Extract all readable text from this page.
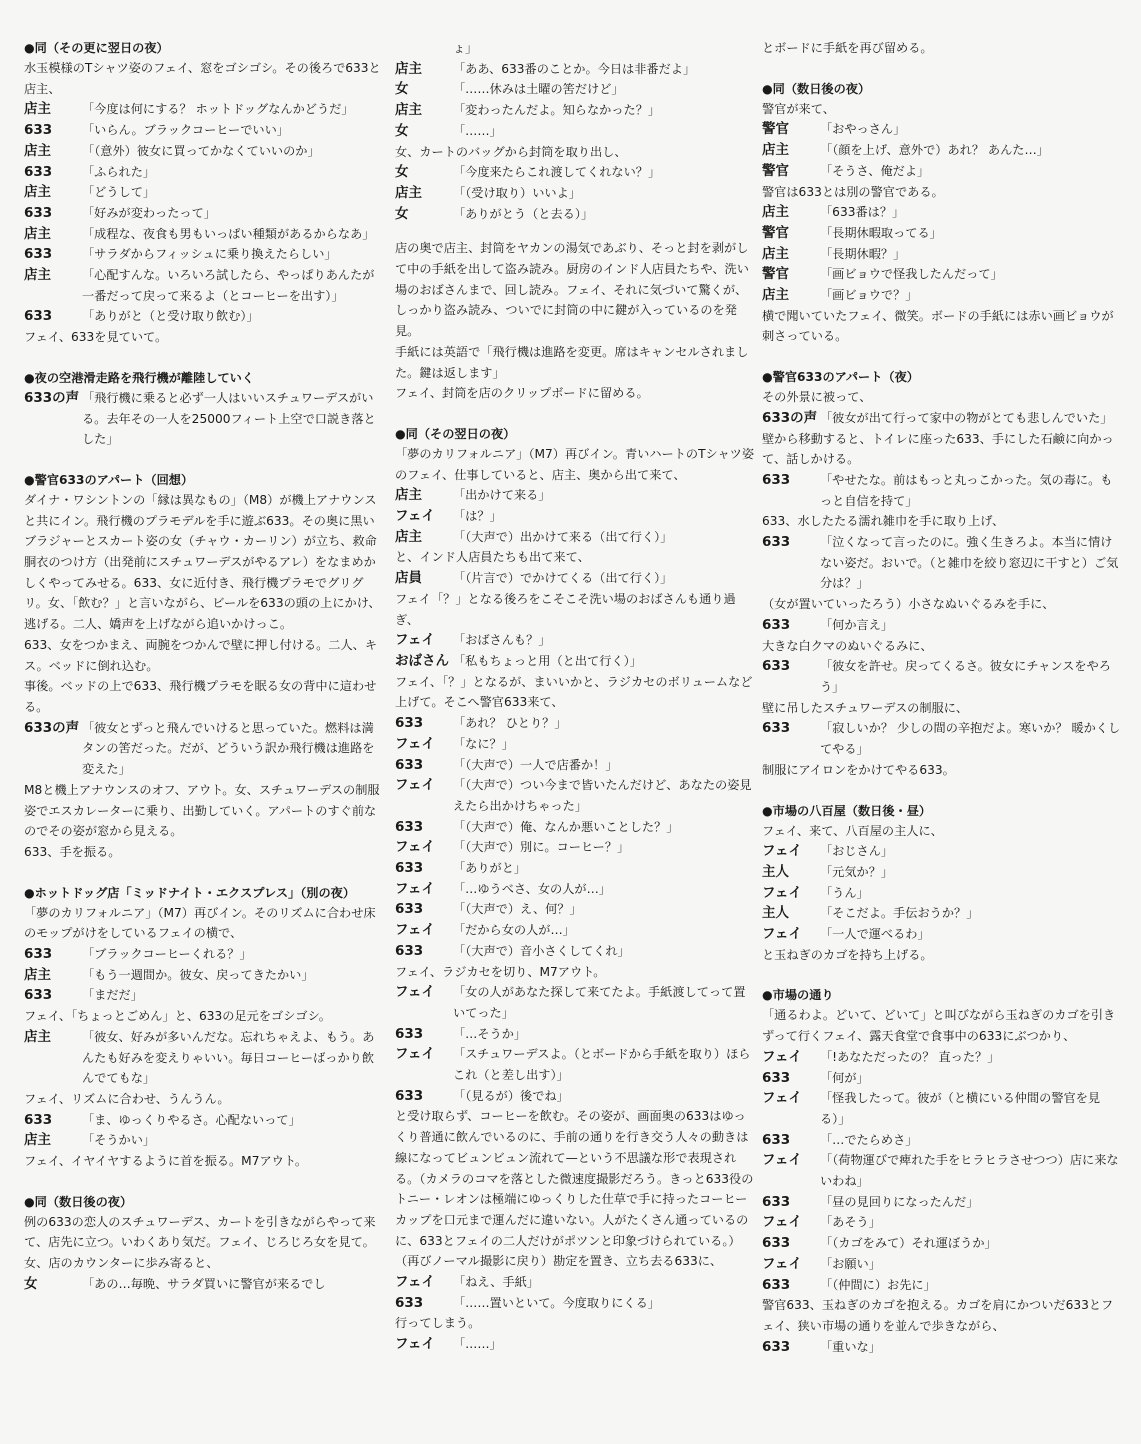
●同（その更に翌日の夜）

水玉模様のTシャツ姿のフェイ、窓をゴシゴシ。その後ろで633と店主、

店主	「今度は何にする？ ホットドッグなんかどうだ」
633	「いらん。ブラックコーヒーでいい」
店主	「（意外）彼女に買ってかなくていいのか」
633	「ふられた」
店主	「どうして」
633	「好みが変わったって」
店主	「成程な、夜食も男もいっぱい種類があるからなあ」
633	「サラダからフィッシュに乗り換えたらしい」
店主	「心配すんな。いろいろ試したら、やっぱりあんたが一番だって戻って来るよ（とコーヒーを出す）」
633	「ありがと（と受け取り飲む）」

フェイ、633を見ていて。

●夜の空港滑走路を飛行機が離陸していく
633の声 「飛行機に乗ると必ず一人はいいスチュワーデスがいる。去年その一人を25000フィート上空で口説き落とした」
●警官633のアパート（回想）

ダイナ・ワシントンの「縁は異なもの」（M8）が機上アナウンスと共にイン。飛行機のプラモデルを手に遊ぶ633。その奥に黒いブラジャーとスカート姿の女（チャウ・カーリン）が立ち、救命胴衣のつけ方（出発前にスチュワーデスがやるアレ）をなまめかしくやってみせる。633、女に近付き、飛行機プラモでグリグリ。女、「飲む？」と言いながら、ビールを633の頭の上にかけ、逃げる。二人、嬌声を上げながら追いかけっこ。

633、女をつかまえ、両腕をつかんで壁に押し付ける。二人、キス。ベッドに倒れ込む。

事後。ベッドの上で633、飛行機プラモを眠る女の背中に這わせる。

633の声 「彼女とずっと飛んでいけると思っていた。燃料は満タンの筈だった。だが、どういう訳か飛行機は進路を変えた」

M8と機上アナウンスのオフ、アウト。女、スチュワーデスの制服姿でエスカレーターに乗り、出勤していく。アパートのすぐ前なのでその姿が窓から見える。

633、手を振る。

●ホットドッグ店「ミッドナイト・エクスプレス」（別の夜）

「夢のカリフォルニア」（M7）再びイン。そのリズムに合わせ床のモップがけをしているフェイの横で、

633	「ブラックコーヒーくれる？」
店主	「もう一週間か。彼女、戻ってきたかい」
633	「まだだ」

フェイ、「ちょっとごめん」と、633の足元をゴシゴシ。

店主	「彼女、好みが多いんだな。忘れちゃえよ、もう。あんたも好みを変えりゃいい。毎日コーヒーばっかり飲んでてもな」

フェイ、リズムに合わせ、うんうん。

633	「ま、ゆっくりやるさ。心配ないって」
店主	「そうかい」

フェイ、イヤイヤするように首を振る。M7アウト。

●同（数日後の夜）

例の633の恋人のスチュワーデス、カートを引きながらやって来て、店先に立つ。いわくあり気だ。フェイ、じろじろ女を見て。女、店のカウンターに歩み寄ると、

女	「あの…毎晩、サラダ買いに警官が来るでし
ょ」
店主	「ああ、633番のことか。今日は非番だよ」
女	「……休みは土曜の筈だけど」
店主	「変わったんだよ。知らなかった？」
女	「……」

女、カートのバッグから封筒を取り出し、

女	「今度来たらこれ渡してくれない？」
店主	「（受け取り）いいよ」
女	「ありがとう（と去る）」

店の奥で店主、封筒をヤカンの湯気であぶり、そっと封を剥がして中の手紙を出して盗み読み。厨房のインド人店員たちや、洗い場のおばさんまで、回し読み。フェイ、それに気づいて驚くが、しっかり盗み読み、ついでに封筒の中に鍵が入っているのを発見。

手紙には英語で「飛行機は進路を変更。席はキャンセルされました。鍵は返します」

フェイ、封筒を店のクリップボードに留める。

●同（その翌日の夜）

「夢のカリフォルニア」（M7）再びイン。青いハートのTシャツ姿のフェイ、仕事していると、店主、奥から出て来て、

店主	「出かけて来る」
フェイ	「は？」
店主	「（大声で）出かけて来る（出て行く）」

と、インド人店員たちも出て来て、

店員	「（片言で）でかけてくる（出て行く）」

フェイ「？」となる後ろをこそこそ洗い場のおばさんも通り過ぎ、

フェイ	「おばさんも？」
おばさん 「私もちょっと用（と出て行く）」

フェイ、「？」となるが、まいいかと、ラジカセのボリュームなど上げて。そこへ警官633来て、

633	「あれ？ ひとり？」
フェイ	「なに？」
633	「（大声で）一人で店番か！」
フェイ	「（大声で）つい今まで皆いたんだけど、あなたの姿見えたら出かけちゃった」
633	「（大声で）俺、なんか悪いことした？」
フェイ	「（大声で）別に。コーヒー？」
633	「ありがと」
フェイ	「…ゆうべさ、女の人が…」
633	「（大声で）え、何？」
フェイ	「だから女の人が…」
633	「（大声で）音小さくしてくれ」

フェイ、ラジカセを切り、M7アウト。

フェイ	「女の人があなた探して来てたよ。手紙渡してって置いてった」
633	「…そうか」
フェイ	「スチュワーデスよ。（とボードから手紙を取り）ほらこれ（と差し出す）」
633	「（見るが）後でね」

と受け取らず、コーヒーを飲む。その姿が、画面奥の633はゆっくり普通に飲んでいるのに、手前の通りを行き交う人々の動きは線になってビュンビュン流れて—という不思議な形で表現される。（カメラのコマを落とした微速度撮影だろう。きっと633役のトニー・レオンは極端にゆっくりした仕草で手に持ったコーヒーカップを口元まで運んだに違いない。人がたくさん通っているのに、633とフェイの二人だけがポツンと印象づけられている。）

（再びノーマル撮影に戻り）勘定を置き、立ち去る633に、

フェイ	「ねえ、手紙」
633	「……置いといて。今度取りにくる」

行ってしまう。

フェイ	「……」

とボードに手紙を再び留める。

●同（数日後の夜）

警官が来て、

警官	「おやっさん」
店主	「（顔を上げ、意外で）あれ？ あんた…」
警官	「そうさ、俺だよ」

警官は633とは別の警官である。

店主	「633番は？」
警官	「長期休暇取ってる」
店主	「長期休暇？」
警官	「画ビョウで怪我したんだって」
店主	「画ビョウで？」

横で聞いていたフェイ、微笑。ボードの手紙には赤い画ビョウが刺さっている。

●警官633のアパート（夜）

その外景に被って、

633の声 「彼女が出て行って家中の物がとても悲しんでいた」

壁から移動すると、トイレに座った633、手にした石鹸に向かって、話しかける。

633	「やせたな。前はもっと丸っこかった。気の毒に。もっと自信を持て」

633、水したたる濡れ雑巾を手に取り上げ、

633	「泣くなって言ったのに。強く生きろよ。本当に情けない姿だ。おいで。（と雑巾を絞り窓辺に干すと）ご気分は？」

（女が置いていったろう）小さなぬいぐるみを手に、

633	「何か言え」

大きな白クマのぬいぐるみに、

633	「彼女を許せ。戻ってくるさ。彼女にチャンスをやろう」

壁に吊したスチュワーデスの制服に、

633	「寂しいか？ 少しの間の辛抱だよ。寒いか？ 暖かくしてやる」

制服にアイロンをかけてやる633。

●市場の八百屋（数日後・昼）

フェイ、来て、八百屋の主人に、

フェイ	「おじさん」
主人	「元気か？」
フェイ	「うん」
主人	「そこだよ。手伝おうか？」
フェイ	「一人で運べるわ」

と玉ねぎのカゴを持ち上げる。

●市場の通り

「通るわよ。どいて、どいて」と叫びながら玉ねぎのカゴを引きずって行くフェイ、露天食堂で食事中の633にぶつかり、

フェイ	「!あなただったの？ 直った？」
633	「何が」
フェイ	「怪我したって。彼が（と横にいる仲間の警官を見る）」
633	「…でたらめさ」
フェイ	「（荷物運びで痺れた手をヒラヒラさせつつ）店に来ないわね」
633	「昼の見回りになったんだ」
フェイ	「あそう」
633	「（カゴをみて）それ運ぼうか」
フェイ	「お願い」
633	「（仲間に）お先に」

警官633、玉ねぎのカゴを抱える。カゴを肩にかついだ633とフェイ、狭い市場の通りを並んで歩きながら、

633	「重いな」
